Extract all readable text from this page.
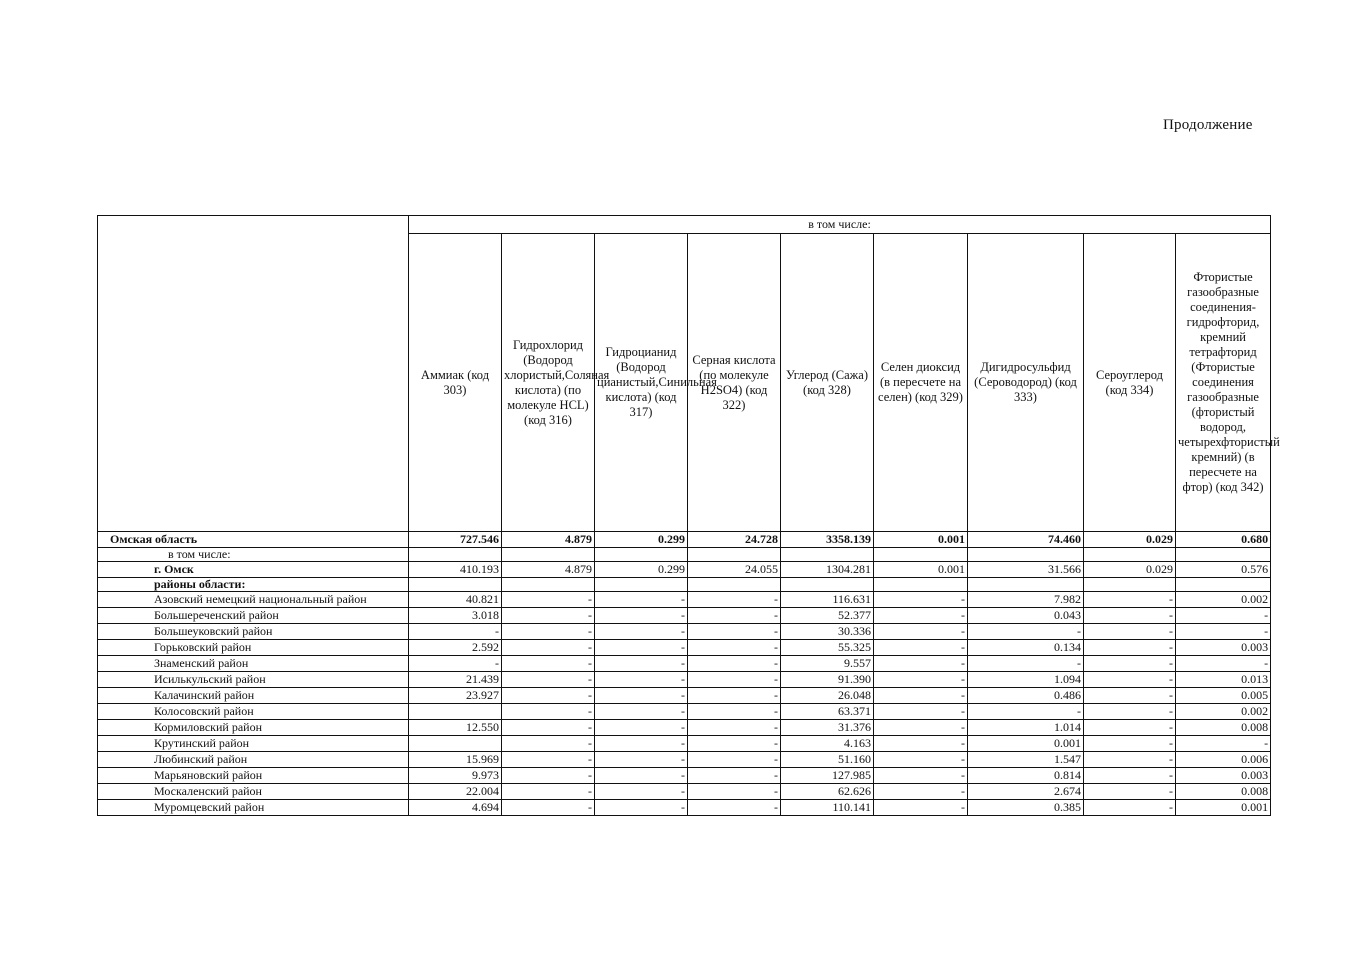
Продолжение
	в том числе:								
	Аммиак (код 303)	Гидрохлорид (Водород хлористый,Соляная кислота) (по молекуле HCL) (код 316)	Гидроцианид (Водород цианистый,Синильная кислота) (код 317)	Серная кислота (по молекуле H2SO4) (код 322)	Углерод (Сажа) (код 328)	Селен диоксид (в пересчете на селен) (код 329)	Дигидросульфид (Сероводород) (код 333)	Сероуглерод (код 334)	Фтористые газообразные соединения-гидрофторид, кремний тетрафторид (Фтористые соединения газообразные (фтористый водород, четырехфтористый кремний) (в пересчете на фтор) (код 342)
Омская область	727.546	4.879	0.299	24.728	3358.139	0.001	74.460	0.029	0.680
в том числе:									
г. Омск	410.193	4.879	0.299	24.055	1304.281	0.001	31.566	0.029	0.576
районы области:									
Азовский немецкий национальный район	40.821	-	-	-	116.631	-	7.982	-	0.002
Большереченский район	3.018	-	-	-	52.377	-	0.043	-	-
Большеуковский район	-	-	-	-	30.336	-	-	-	-
Горьковский район	2.592	-	-	-	55.325	-	0.134	-	0.003
Знаменский район	-	-	-	-	9.557	-	-	-	-
Исилькульский район	21.439	-	-	-	91.390	-	1.094	-	0.013
Калачинский район	23.927	-	-	-	26.048	-	0.486	-	0.005
Колосовский район		-	-	-	63.371	-	-	-	0.002
Кормиловский район	12.550	-	-	-	31.376	-	1.014	-	0.008
Крутинский район		-	-	-	4.163	-	0.001	-	-
Любинский район	15.969	-	-	-	51.160	-	1.547	-	0.006
Марьяновский район	9.973	-	-	-	127.985	-	0.814	-	0.003
Москаленский район	22.004	-	-	-	62.626	-	2.674	-	0.008
Муромцевский район	4.694	-	-	-	110.141	-	0.385	-	0.001
